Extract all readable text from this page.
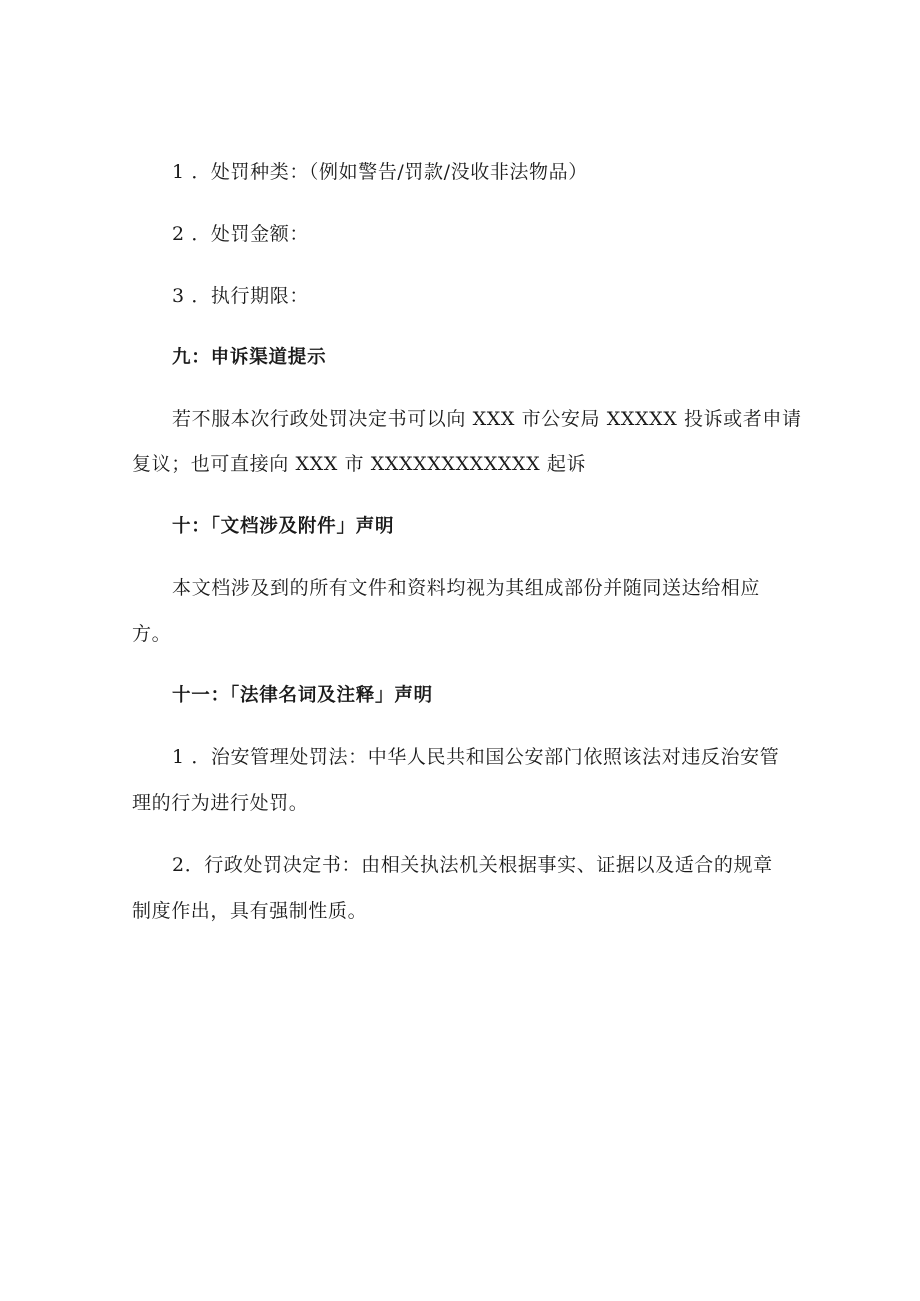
1 ．处罚种类：（例如警告/罚款/没收非法物品）
2 ．处罚金额：
3 ．执行期限：
九：申诉渠道提示
若不服本次行政处罚决定书可以向 XXX 市公安局 XXXXX 投诉或者申请
复议；也可直接向 XXX 市 XXXXXXXXXXXX 起诉
十：「文档涉及附件」声明
本文档涉及到的所有文件和资料均视为其组成部份并随同送达给相应
方。
十一：「法律名词及注释」声明
1 ．治安管理处罚法：中华人民共和国公安部门依照该法对违反治安管
理的行为进行处罚。
2．行政处罚决定书：由相关执法机关根据事实、证据以及适合的规章
制度作出，具有强制性质。
